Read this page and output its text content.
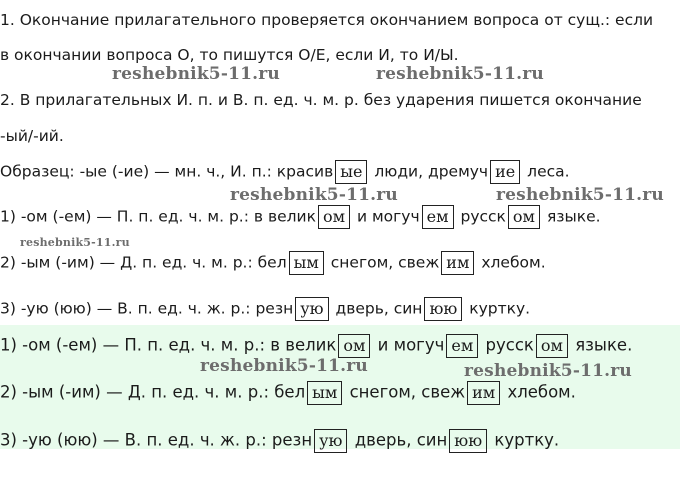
1. Окончание прилагательного проверяется окончанием вопроса от сущ.: если
в окончании вопроса О, то пишутся О/Е, если И, то И/Ы.
2. В прилагательных И. п. и В. п. ед. ч. м. р. без ударения пишется окончание
-ый/-ий.
Образец: -ые (-ие) — мн. ч., И. п.: красив ые люди, дремуч ие леса.
1) -ом (-ем) — П. п. ед. ч. м. р.: в велик ом и могуч ем русск ом языке.
2) -ым (-им) — Д. п. ед. ч. м. р.: бел ым снегом, свеж им хлебом.
3) -ую (юю) — В. п. ед. ч. ж. р.: резн ую дверь, син юю куртку.
1) -ом (-ем) — П. п. ед. ч. м. р.: в велик ом и могуч ем русск ом языке.
2) -ым (-им) — Д. п. ед. ч. м. р.: бел ым снегом, свеж им хлебом.
3) -ую (юю) — В. п. ед. ч. ж. р.: резн ую дверь, син юю куртку.
reshebnik5-11.ru	reshebnik5-11.ru
reshebnik5-11.ru	reshebnik5-11.ru
reshebnik5-11.ru
reshebnik5-11.ru	reshebnik5-11.ru
